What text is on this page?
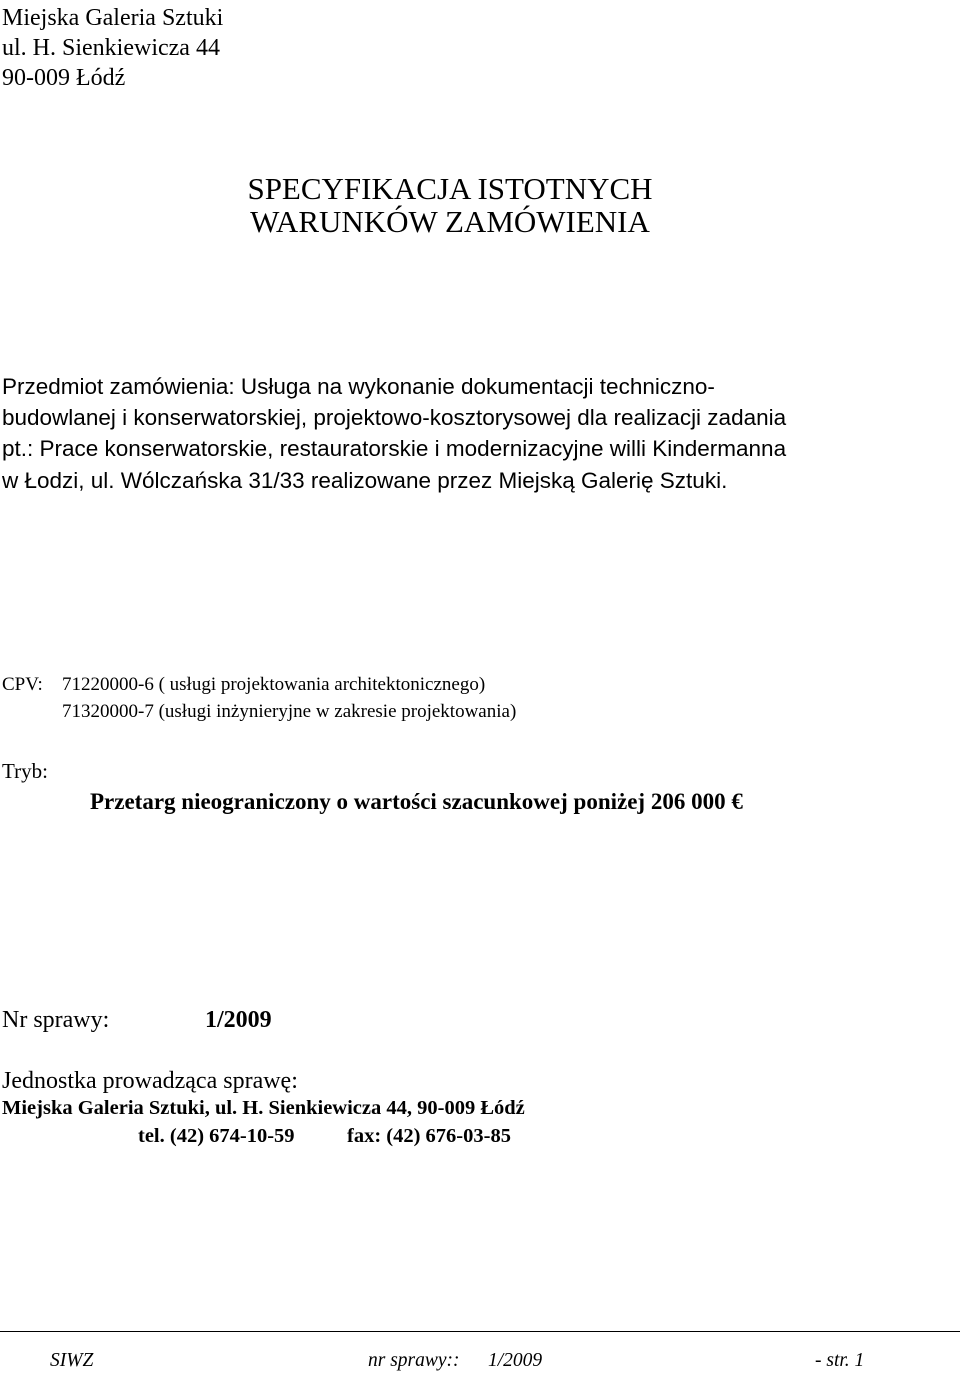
Miejska Galeria Sztuki
ul. H. Sienkiewicza 44
90-009 Łódź
SPECYFIKACJA ISTOTNYCH
WARUNKÓW ZAMÓWIENIA
Przedmiot zamówienia: Usługa na wykonanie dokumentacji techniczno-
budowlanej i konserwatorskiej, projektowo-kosztorysowej dla realizacji zadania
pt.: Prace konserwatorskie, restauratorskie i modernizacyjne willi Kindermanna
w Łodzi, ul. Wólczańska 31/33 realizowane przez Miejską Galerię Sztuki.
CPV: 71220000-6 ( usługi projektowania architektonicznego)
71320000-7 (usługi inżynieryjne w zakresie projektowania)
Tryb:
Przetarg nieograniczony o wartości szacunkowej poniżej 206 000 €
Nr sprawy:	1/2009
Jednostka prowadząca sprawę:
Miejska Galeria Sztuki, ul. H. Sienkiewicza 44, 90-009 Łódź
tel. (42) 674-10-59	fax: (42) 676-03-85
SIWZ	nr sprawy:: 1/2009	- str. 1
